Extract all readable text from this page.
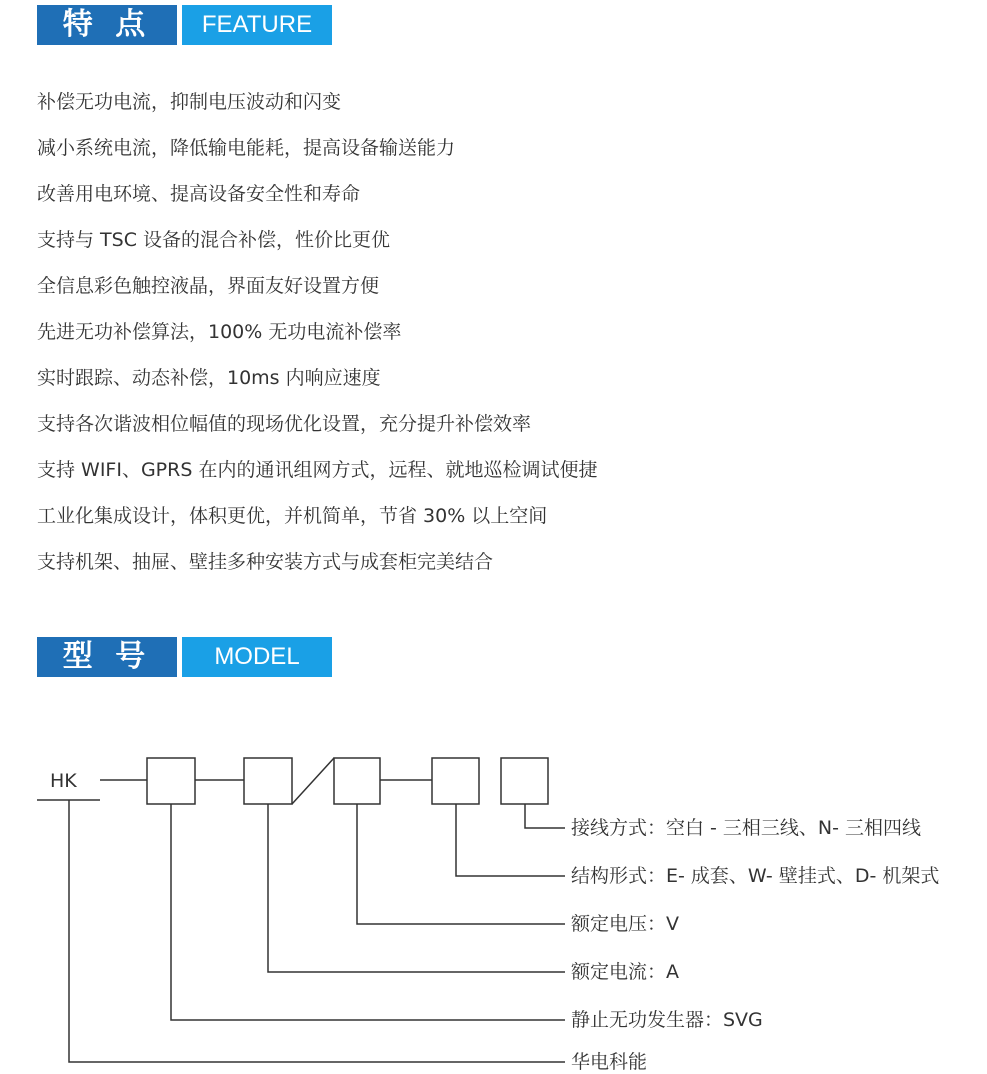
特 点	FEATURE
补偿无功电流，抑制电压波动和闪变
减小系统电流，降低输电能耗，提高设备输送能力
改善用电环境、提高设备安全性和寿命
支持与 TSC 设备的混合补偿，性价比更优
全信息彩色触控液晶，界面友好设置方便
先进无功补偿算法，100% 无功电流补偿率
实时跟踪、动态补偿，10ms 内响应速度
支持各次谐波相位幅值的现场优化设置，充分提升补偿效率
支持 WIFI、GPRS 在内的通讯组网方式，远程、就地巡检调试便捷
工业化集成设计，体积更优，并机简单，节省 30% 以上空间
支持机架、抽屉、壁挂多种安装方式与成套柜完美结合
型 号	MODEL
HK
接线方式：空白 - 三相三线、N- 三相四线
结构形式：E- 成套、W- 壁挂式、D- 机架式
额定电压：V
额定电流：A
静止无功发生器：SVG
华电科能
